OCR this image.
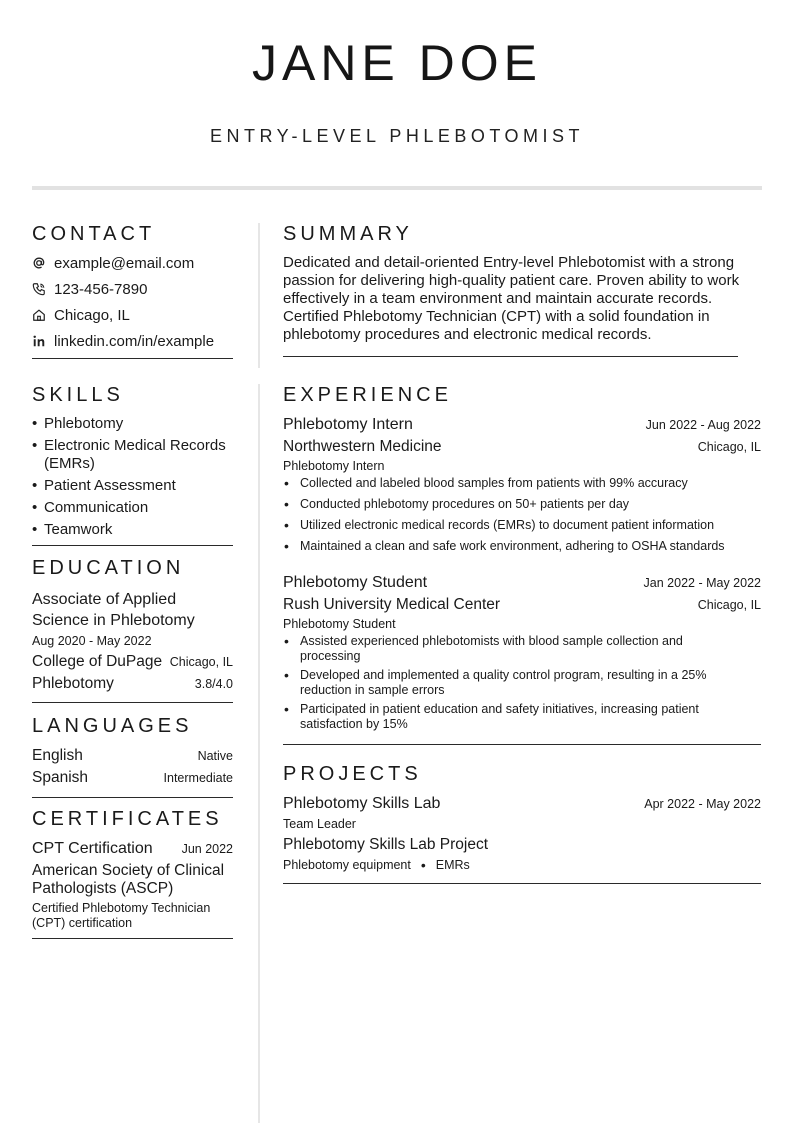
JANE DOE
ENTRY-LEVEL PHLEBOTOMIST
CONTACT
example@email.com
123-456-7890
Chicago, IL
linkedin.com/in/example
SKILLS
• Phlebotomy
• Electronic Medical Records (EMRs)
• Patient Assessment
• Communication
• Teamwork
EDUCATION
Associate of Applied Science in Phlebotomy
Aug 2020 - May 2022
College of DuPage Chicago, IL
Phlebotomy	3.8/4.0
LANGUAGES
English	Native
Spanish	Intermediate
CERTIFICATES
CPT Certification Jun 2022
American Society of Clinical Pathologists (ASCP)
Certified Phlebotomy Technician (CPT) certification
SUMMARY
Dedicated and detail-oriented Entry-level Phlebotomist with a strong passion for delivering high-quality patient care. Proven ability to work effectively in a team environment and maintain accurate records. Certified Phlebotomy Technician (CPT) with a solid foundation in phlebotomy procedures and electronic medical records.
EXPERIENCE
Phlebotomy Intern	Jun 2022 - Aug 2022
Northwestern Medicine	Chicago, IL
Phlebotomy Intern
• Collected and labeled blood samples from patients with 99% accuracy
• Conducted phlebotomy procedures on 50+ patients per day
• Utilized electronic medical records (EMRs) to document patient information
• Maintained a clean and safe work environment, adhering to OSHA standards
Phlebotomy Student	Jan 2022 - May 2022
Rush University Medical Center	Chicago, IL
Phlebotomy Student
• Assisted experienced phlebotomists with blood sample collection and processing
• Developed and implemented a quality control program, resulting in a 25% reduction in sample errors
• Participated in patient education and safety initiatives, increasing patient satisfaction by 15%
PROJECTS
Phlebotomy Skills Lab	Apr 2022 - May 2022
Team Leader
Phlebotomy Skills Lab Project
Phlebotomy equipment • EMRs
